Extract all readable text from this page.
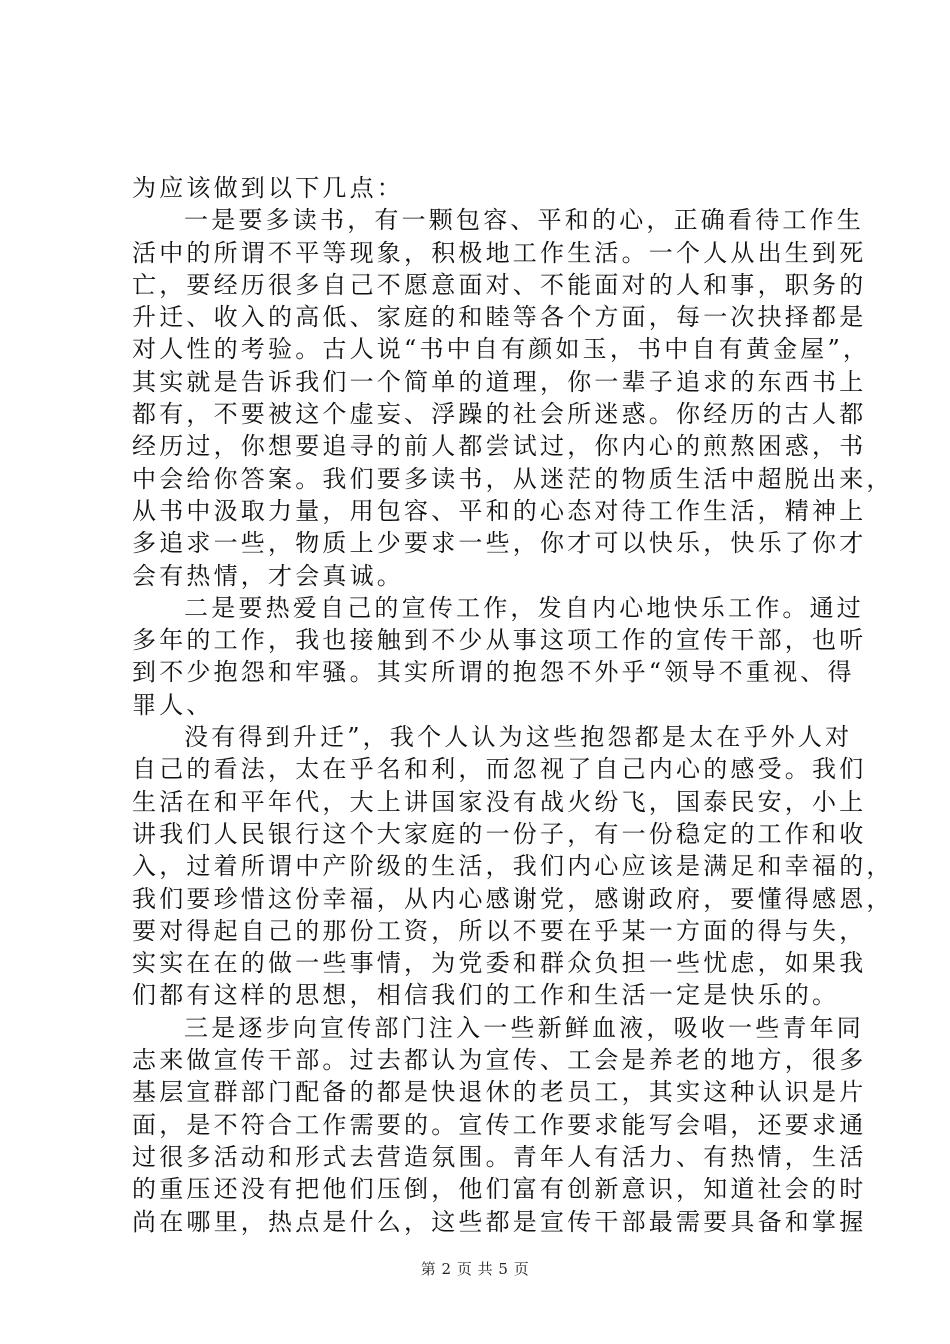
为应该做到以下几点：
一是要多读书，有一颗包容、平和的心，正确看待工作生
活中的所谓不平等现象，积极地工作生活。一个人从出生到死
亡，要经历很多自己不愿意面对、不能面对的人和事，职务的
升迁、收入的高低、家庭的和睦等各个方面，每一次抉择都是
对人性的考验。古人说“书中自有颜如玉，书中自有黄金屋”，
其实就是告诉我们一个简单的道理，你一辈子追求的东西书上
都有，不要被这个虚妄、浮躁的社会所迷惑。你经历的古人都
经历过，你想要追寻的前人都尝试过，你内心的煎熬困惑，书
中会给你答案。我们要多读书，从迷茫的物质生活中超脱出来，
从书中汲取力量，用包容、平和的心态对待工作生活，精神上
多追求一些，物质上少要求一些，你才可以快乐，快乐了你才
会有热情，才会真诚。
二是要热爱自己的宣传工作，发自内心地快乐工作。通过
多年的工作，我也接触到不少从事这项工作的宣传干部，也听
到不少抱怨和牢骚。其实所谓的抱怨不外乎“领导不重视、得
罪人、
没有得到升迁”，我个人认为这些抱怨都是太在乎外人对
自己的看法，太在乎名和利，而忽视了自己内心的感受。我们
生活在和平年代，大上讲国家没有战火纷飞，国泰民安，小上
讲我们人民银行这个大家庭的一份子，有一份稳定的工作和收
入，过着所谓中产阶级的生活，我们内心应该是满足和幸福的，
我们要珍惜这份幸福，从内心感谢党，感谢政府，要懂得感恩，
要对得起自己的那份工资，所以不要在乎某一方面的得与失，
实实在在的做一些事情，为党委和群众负担一些忧虑，如果我
们都有这样的思想，相信我们的工作和生活一定是快乐的。
三是逐步向宣传部门注入一些新鲜血液，吸收一些青年同
志来做宣传干部。过去都认为宣传、工会是养老的地方，很多
基层宣群部门配备的都是快退休的老员工，其实这种认识是片
面，是不符合工作需要的。宣传工作要求能写会唱，还要求通
过很多活动和形式去营造氛围。青年人有活力、有热情，生活
的重压还没有把他们压倒，他们富有创新意识，知道社会的时
尚在哪里，热点是什么，这些都是宣传干部最需要具备和掌握
第 2 页 共 5 页
